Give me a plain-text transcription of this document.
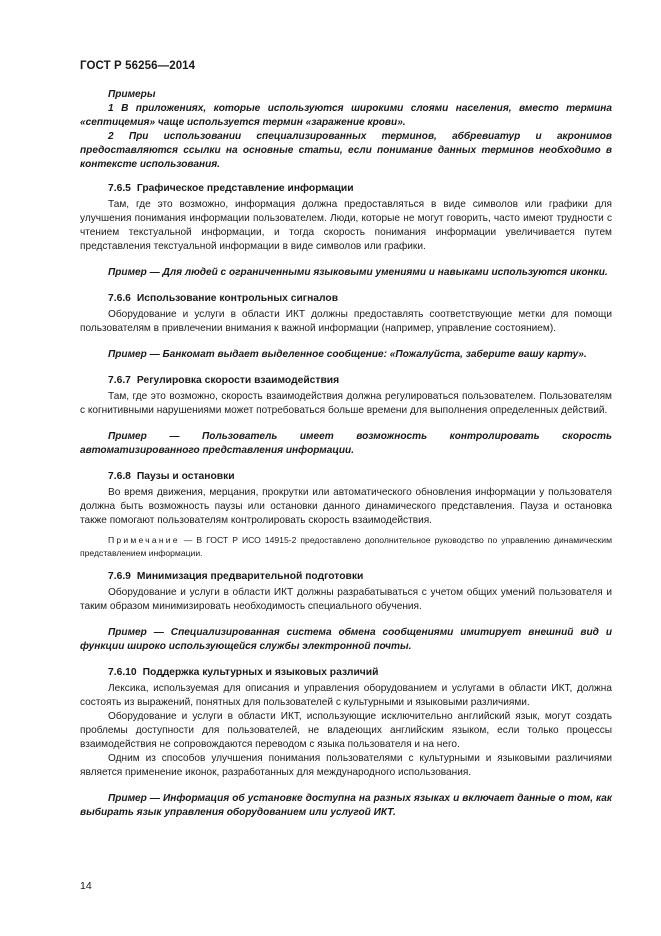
ГОСТ Р 56256—2014

Примеры

1 В приложениях, которые используются широкими слоями населения, вместо термина «септицемия» чаще используется термин «заражение крови».

2 При использовании специализированных терминов, аббревиатур и акронимов предоставляются ссылки на основные статьи, если понимание данных терминов необходимо в контексте использования.

7.6.5 Графическое представление информации

Там, где это возможно, информация должна предоставляться в виде символов или графики для улучшения понимания информации пользователем. Люди, которые не могут говорить, часто имеют трудности с чтением текстуальной информации, и тогда скорость понимания информации увеличивается путем представления текстуальной информации в виде символов или графики.

Пример — Для людей с ограниченными языковыми умениями и навыками используются иконки.

7.6.6 Использование контрольных сигналов

Оборудование и услуги в области ИКТ должны предоставлять соответствующие метки для помощи пользователям в привлечении внимания к важной информации (например, управление состоянием).

Пример — Банкомат выдает выделенное сообщение: «Пожалуйста, заберите вашу карту».

7.6.7 Регулировка скорости взаимодействия

Там, где это возможно, скорость взаимодействия должна регулироваться пользователем. Пользователям с когнитивными нарушениями может потребоваться больше времени для выполнения определенных действий.

Пример — Пользователь имеет возможность контролировать скорость автоматизированного представления информации.

7.6.8 Паузы и остановки

Во время движения, мерцания, прокрутки или автоматического обновления информации у пользователя должна быть возможность паузы или остановки данного динамического представления. Пауза и остановка также помогают пользователям контролировать скорость взаимодействия.

Примечание — В ГОСТ Р ИСО 14915-2 предоставлено дополнительное руководство по управлению динамическим представлением информации.

7.6.9 Минимизация предварительной подготовки

Оборудование и услуги в области ИКТ должны разрабатываться с учетом общих умений пользователя и таким образом минимизировать необходимость специального обучения.

Пример — Специализированная система обмена сообщениями имитирует внешний вид и функции широко использующейся службы электронной почты.

7.6.10 Поддержка культурных и языковых различий

Лексика, используемая для описания и управления оборудованием и услугами в области ИКТ, должна состоять из выражений, понятных для пользователей с культурными и языковыми различиями.

Оборудование и услуги в области ИКТ, использующие исключительно английский язык, могут создать проблемы доступности для пользователей, не владеющих английским языком, если только процессы взаимодействия не сопровождаются переводом с языка пользователя и на него.

Одним из способов улучшения понимания пользователями с культурными и языковыми различиями является применение иконок, разработанных для международного использования.

Пример — Информация об установке доступна на разных языках и включает данные о том, как выбирать язык управления оборудованием или услугой ИКТ.

14
